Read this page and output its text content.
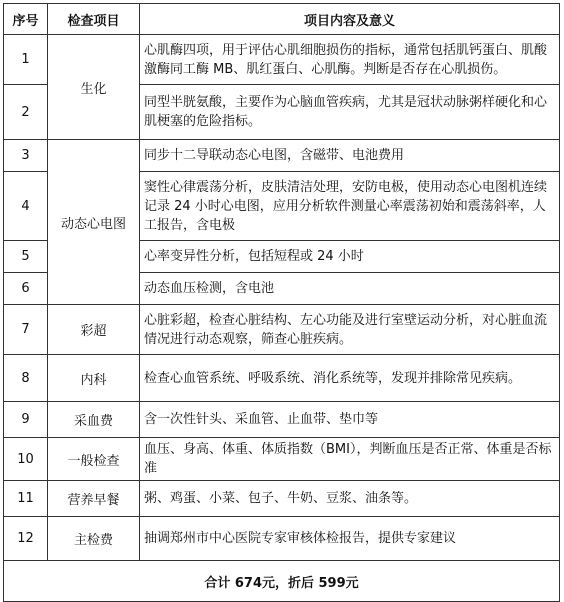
序号	检查项目	项目内容及意义
1	生化	心肌酶四项，用于评估心肌细胞损伤的指标，通常包括肌钙蛋白、肌酸激酶同工酶 MB、肌红蛋白、心肌酶。判断是否存在心肌损伤。
2		同型半胱氨酸，主要作为心脑血管疾病，尤其是冠状动脉粥样硬化和心肌梗塞的危险指标。
3	动态心电图	同步十二导联动态心电图，含磁带、电池费用
4		窦性心律震荡分析，皮肤清洁处理，安防电极，使用动态心电图机连续记录 24 小时心电图，应用分析软件测量心率震荡初始和震荡斜率，人工报告，含电极
5		心率变异性分析，包括短程或 24 小时
6		动态血压检测，含电池
7	彩超	心脏彩超，检查心脏结构、左心功能及进行室壁运动分析，对心脏血流情况进行动态观察，筛查心脏疾病。
8	内科	检查心血管系统、呼吸系统、消化系统等，发现并排除常见疾病。
9	采血费	含一次性针头、采血管、止血带、垫巾等
10	一般检查	血压、身高、体重、体质指数（BMI），判断血压是否正常、体重是否标准
11	营养早餐	粥、鸡蛋、小菜、包子、牛奶、豆浆、油条等。
12	主检费	抽调郑州市中心医院专家审核体检报告，提供专家建议
合计 674元，折后 599元		
